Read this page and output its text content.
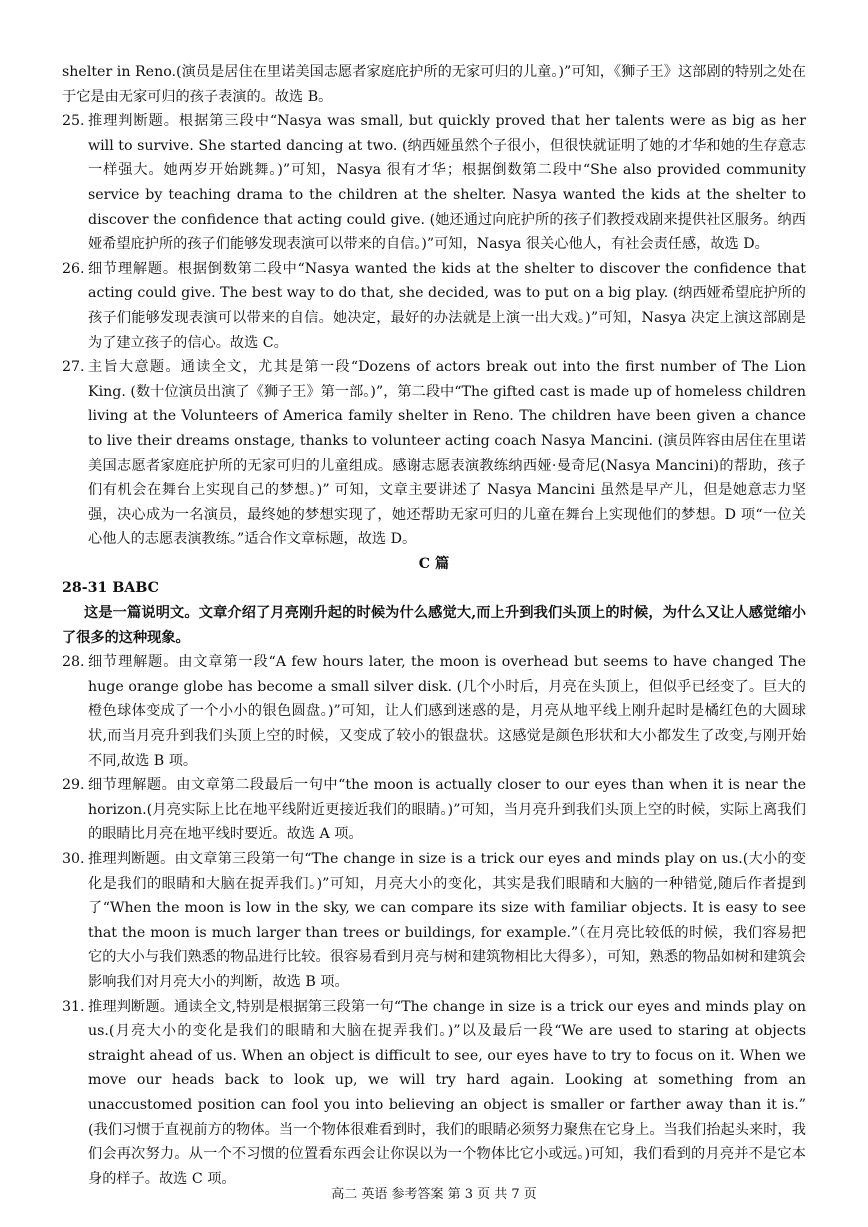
shelter in Reno.(演员是居住在里诺美国志愿者家庭庇护所的无家可归的儿童。)”可知，《狮子王》这部剧的特别之处在于它是由无家可归的孩子表演的。故选 B。

25. 推理判断题。根据第三段中“Nasya was small, but quickly proved that her talents were as big as her will to survive. She started dancing at two. (纳西娅虽然个子很小，但很快就证明了她的才华和她的生存意志一样强大。她两岁开始跳舞。)”可知，Nasya 很有才华；根据倒数第二段中“She also provided community service by teaching drama to the children at the shelter. Nasya wanted the kids at the shelter to discover the confidence that acting could give. (她还通过向庇护所的孩子们教授戏剧来提供社区服务。纳西娅希望庇护所的孩子们能够发现表演可以带来的自信。)”可知，Nasya 很关心他人，有社会责任感，故选 D。
26. 细节理解题。根据倒数第二段中“Nasya wanted the kids at the shelter to discover the confidence that acting could give. The best way to do that, she decided, was to put on a big play. (纳西娅希望庇护所的孩子们能够发现表演可以带来的自信。她决定，最好的办法就是上演一出大戏。)”可知，Nasya 决定上演这部剧是为了建立孩子的信心。故选 C。
27. 主旨大意题。通读全文，尤其是第一段“Dozens of actors break out into the first number of The Lion King. (数十位演员出演了《狮子王》第一部。)”，第二段中“The gifted cast is made up of homeless children living at the Volunteers of America family shelter in Reno. The children have been given a chance to live their dreams onstage, thanks to volunteer acting coach Nasya Mancini. (演员阵容由居住在里诺美国志愿者家庭庇护所的无家可归的儿童组成。感谢志愿表演教练纳西娅·曼奇尼(Nasya Mancini)的帮助，孩子们有机会在舞台上实现自己的梦想。)” 可知，文章主要讲述了 Nasya Mancini 虽然是早产儿，但是她意志力坚强，决心成为一名演员，最终她的梦想实现了，她还帮助无家可归的儿童在舞台上实现他们的梦想。D 项“一位关心他人的志愿表演教练。”适合作文章标题，故选 D。

C 篇

28-31 BABC

这是一篇说明文。文章介绍了月亮刚升起的时候为什么感觉大,而上升到我们头顶上的时候，为什么又让人感觉缩小了很多的这种现象。

28. 细节理解题。由文章第一段“A few hours later, the moon is overhead but seems to have changed The huge orange globe has become a small silver disk. (几个小时后，月亮在头顶上，但似乎已经变了。巨大的橙色球体变成了一个小小的银色圆盘。)”可知，让人们感到迷惑的是，月亮从地平线上刚升起时是橘红色的大圆球状,而当月亮升到我们头顶上空的时候，又变成了较小的银盘状。这感觉是颜色形状和大小都发生了改变,与刚开始不同,故选 B 项。
29. 细节理解题。由文章第二段最后一句中“the moon is actually closer to our eyes than when it is near the horizon.(月亮实际上比在地平线附近更接近我们的眼睛。)”可知，当月亮升到我们头顶上空的时候，实际上离我们的眼睛比月亮在地平线时要近。故选 A 项。
30. 推理判断题。由文章第三段第一句“The change in size is a trick our eyes and minds play on us.(大小的变化是我们的眼睛和大脑在捉弄我们。)”可知，月亮大小的变化，其实是我们眼睛和大脑的一种错觉,随后作者提到了“When the moon is low in the sky, we can compare its size with familiar objects. It is easy to see that the moon is much larger than trees or buildings, for example.”（在月亮比较低的时候，我们容易把它的大小与我们熟悉的物品进行比较。很容易看到月亮与树和建筑物相比大得多），可知，熟悉的物品如树和建筑会影响我们对月亮大小的判断，故选 B 项。
31. 推理判断题。通读全文,特别是根据第三段第一句“The change in size is a trick our eyes and minds play on us.(月亮大小的变化是我们的眼睛和大脑在捉弄我们。)”以及最后一段“We are used to staring at objects straight ahead of us. When an object is difficult to see, our eyes have to try to focus on it. When we move our heads back to look up, we will try hard again. Looking at something from an unaccustomed position can fool you into believing an object is smaller or farther away than it is.” (我们习惯于直视前方的物体。当一个物体很难看到时，我们的眼睛必须努力聚焦在它身上。当我们抬起头来时，我们会再次努力。从一个不习惯的位置看东西会让你误以为一个物体比它小或远。)可知，我们看到的月亮并不是它本身的样子。故选 C 项。
高二 英语 参考答案 第 3 页 共 7 页
